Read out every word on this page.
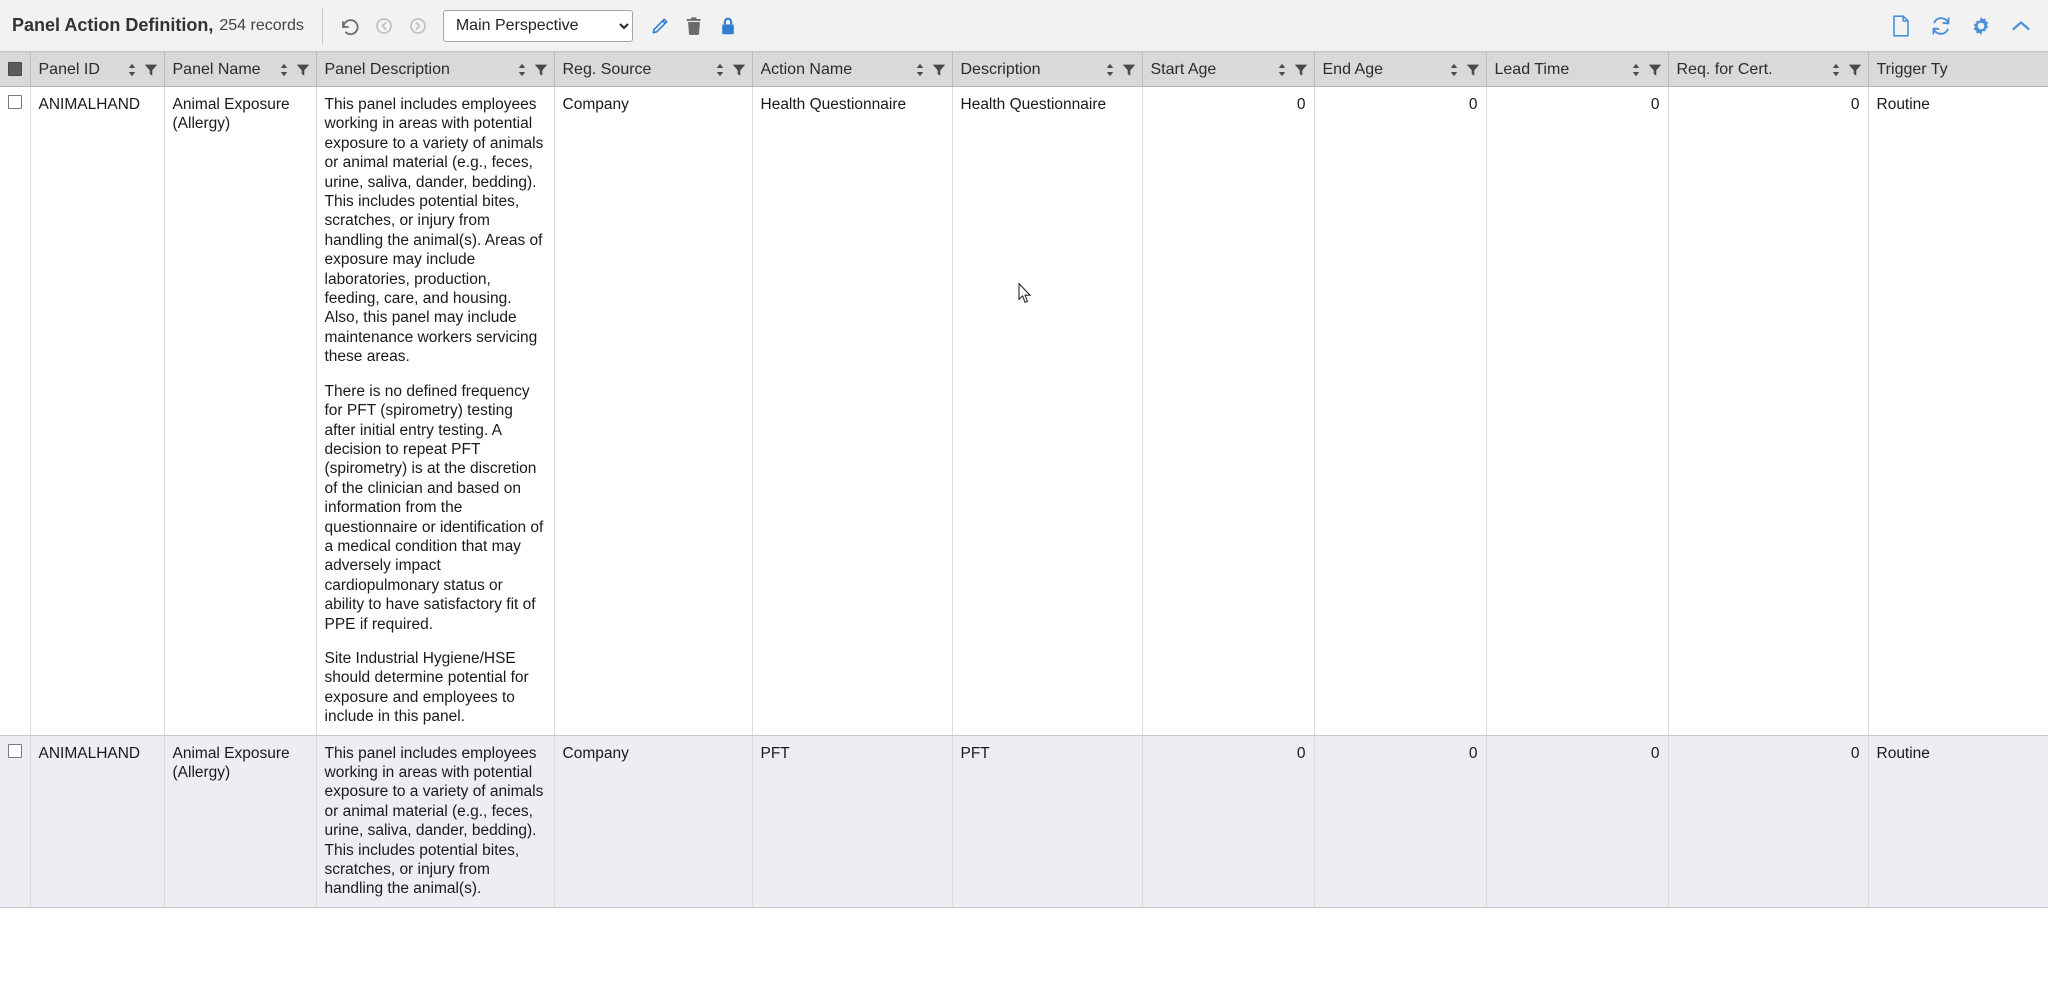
Panel Action Definition, 254 records
Main Perspective

	Panel ID	Panel Name	Panel Description	Reg. Source	Action Name	Description	Start Age	End Age	Lead Time	Req. for Cert.	Trigger Ty

	ANIMALHAND	Animal Exposure (Allergy)	This panel includes employees working in areas with potential exposure to a variety of animals or animal material (e.g., feces, urine, saliva, dander, bedding). This includes potential bites, scratches, or injury from handling the animal(s). Areas of exposure may include laboratories, production, feeding, care, and housing. Also, this panel may include maintenance workers servicing these areas.

There is no defined frequency for PFT (spirometry) testing after initial entry testing. A decision to repeat PFT (spirometry) is at the discretion of the clinician and based on information from the questionnaire or identification of a medical condition that may adversely impact cardiopulmonary status or ability to have satisfactory fit of PPE if required.

Site Industrial Hygiene/HSE should determine potential for exposure and employees to include in this panel.	Company	Health Questionnaire	Health Questionnaire	0	0	0	0	Routine
	ANIMALHAND	Animal Exposure (Allergy)	This panel includes employees working in areas with potential exposure to a variety of animals or animal material (e.g., feces, urine, saliva, dander, bedding). This includes potential bites, scratches, or injury from handling the animal(s).	Company	PFT	PFT	0	0	0	0	Routine
